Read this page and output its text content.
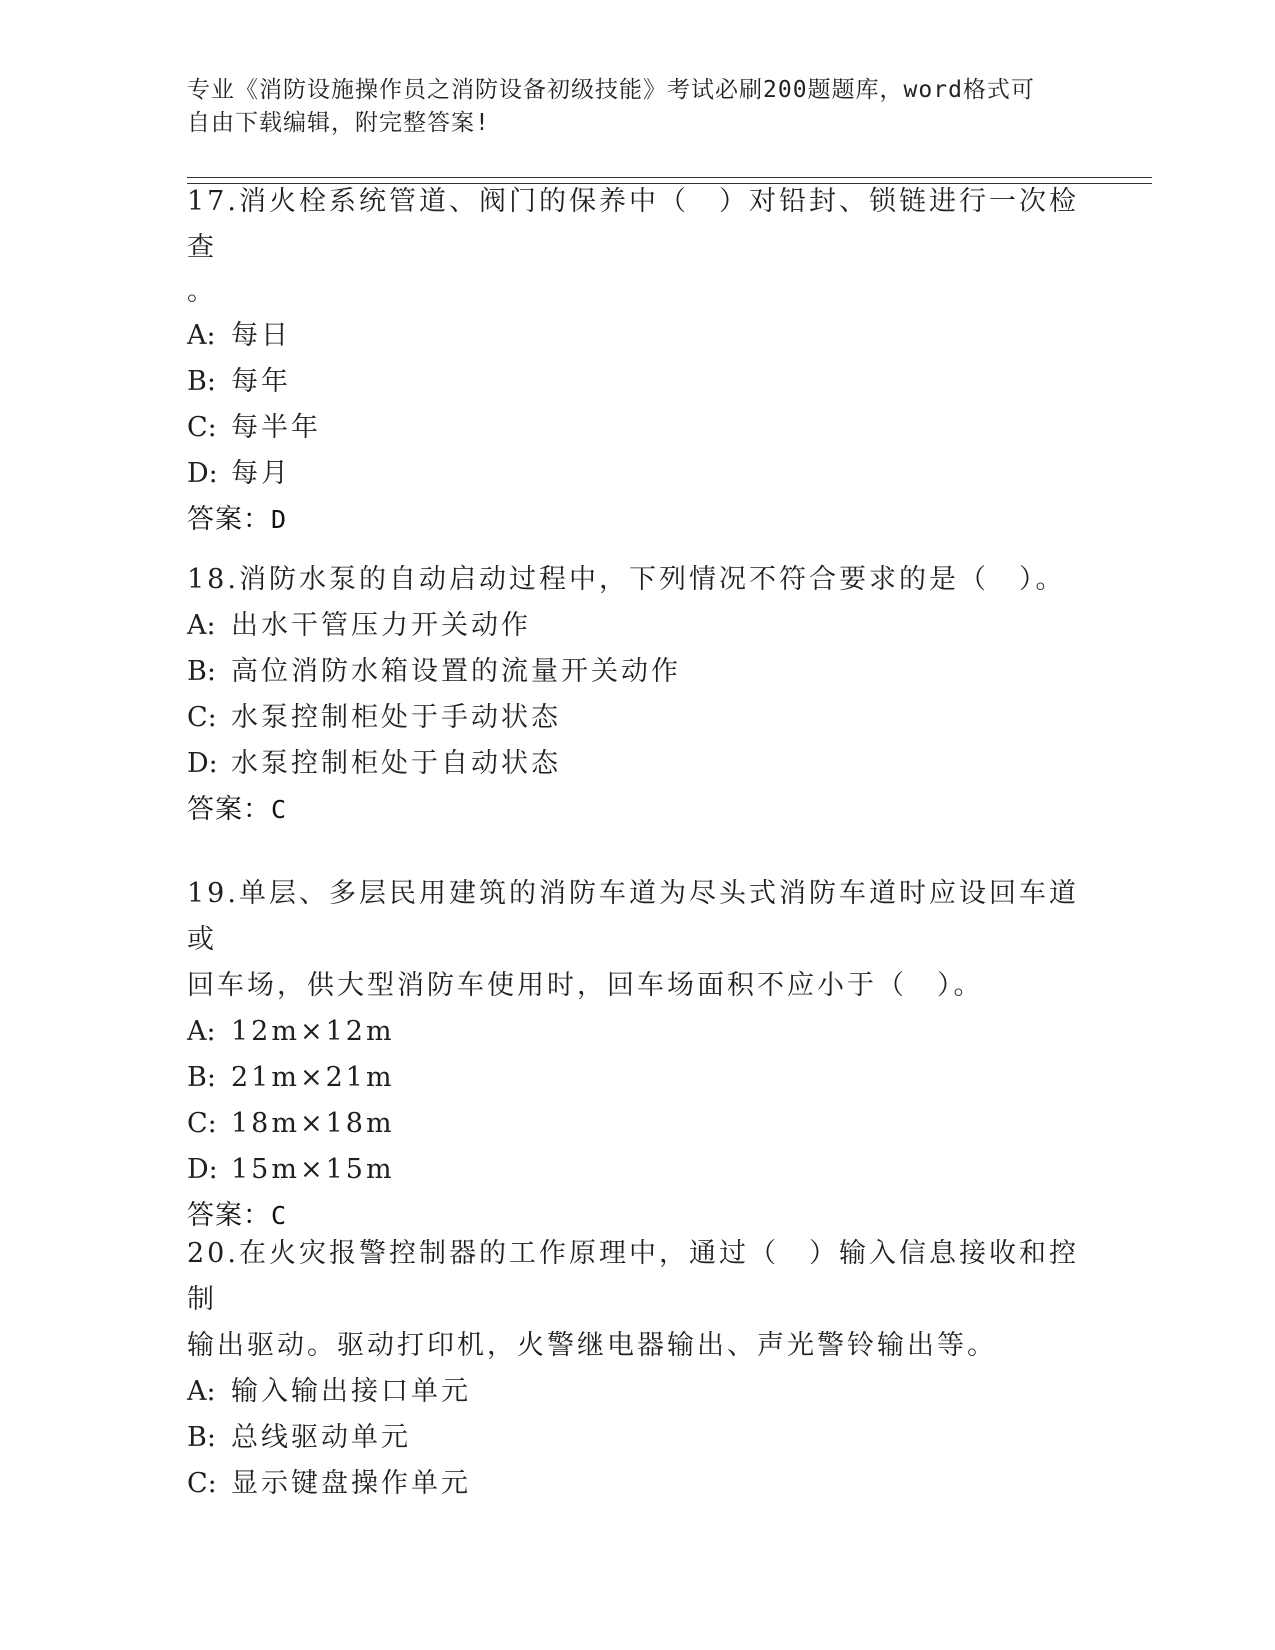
专业《消防设施操作员之消防设备初级技能》考试必刷200题题库，word格式可
自由下载编辑，附完整答案!

17.消火栓系统管道、阀门的保养中（　）对铅封、锁链进行一次检查

。

A: 每日

B: 每年

C: 每半年

D: 每月

答案：D

18.消防水泵的自动启动过程中，下列情况不符合要求的是（　）。

A: 出水干管压力开关动作

B: 高位消防水箱设置的流量开关动作

C: 水泵控制柜处于手动状态

D: 水泵控制柜处于自动状态

答案：C

19.单层、多层民用建筑的消防车道为尽头式消防车道时应设回车道或

回车场，供大型消防车使用时，回车场面积不应小于（　）。

A: 12m×12m

B: 21m×21m

C: 18m×18m

D: 15m×15m

答案：C

20.在火灾报警控制器的工作原理中，通过（　）输入信息接收和控制

输出驱动。驱动打印机，火警继电器输出、声光警铃输出等。

A: 输入输出接口单元

B: 总线驱动单元

C: 显示键盘操作单元
